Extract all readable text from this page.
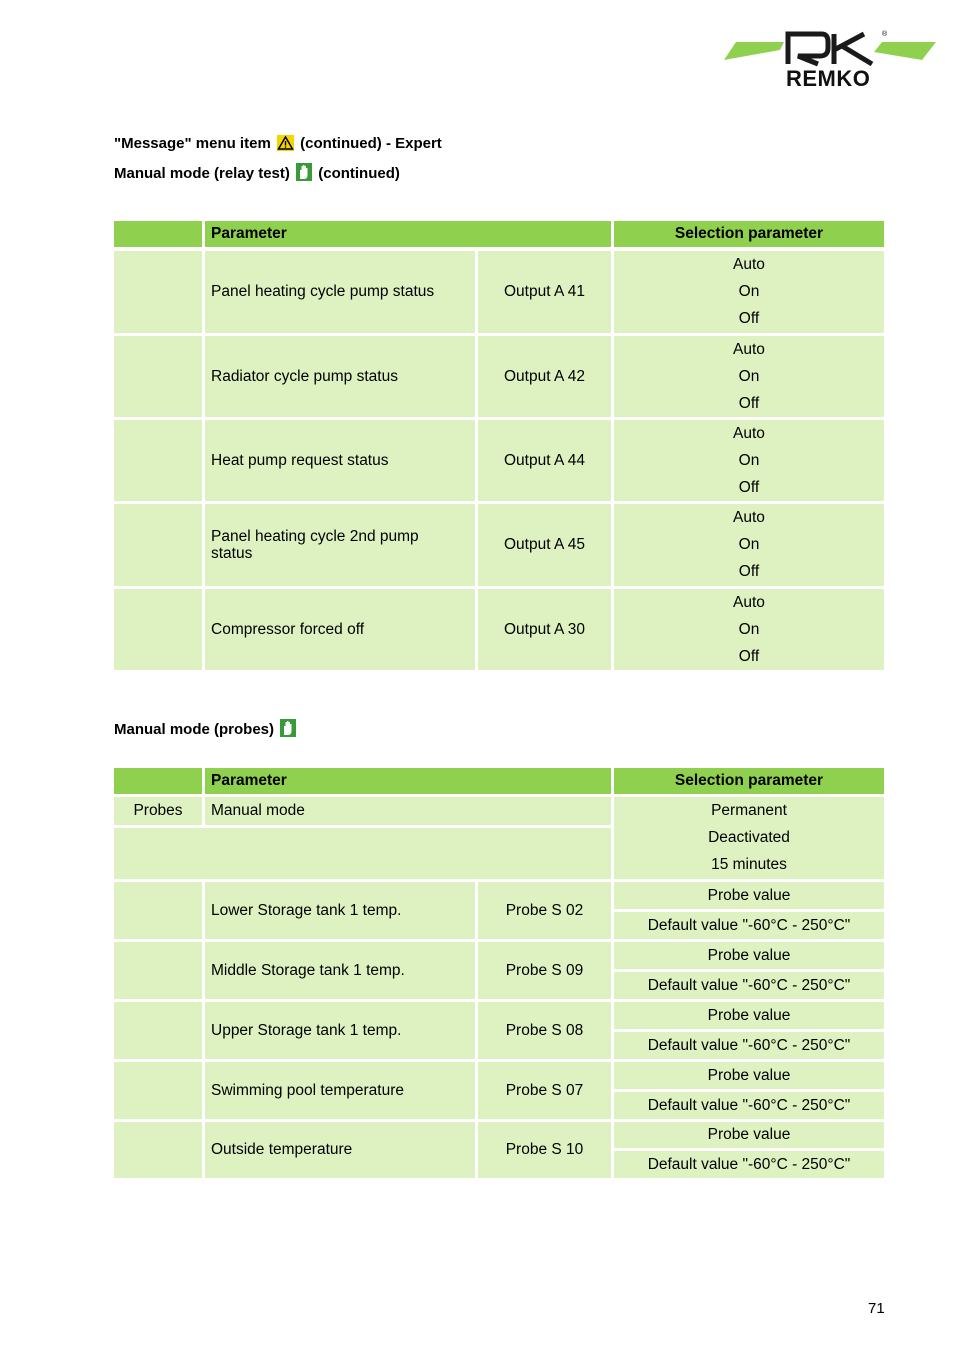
®
REMKO
"Message" menu item (continued) - Expert
Manual mode (relay test) (continued)
Parameter	Selection parameter
Panel heating cycle pump status	Output A 41
Auto
On
Off
Radiator cycle pump status	Output A 42
Auto
On
Off
Heat pump request status	Output A 44
Auto
On
Off
Panel heating cycle 2nd pump status
Output A 45
Auto
On
Off
Compressor forced off	Output A 30
Auto
On
Off
Manual mode (probes)
Parameter	Selection parameter
Probes	Manual mode	Permanent
Deactivated
15 minutes
Lower Storage tank 1 temp.	Probe S 02
Probe value
Default value "-60°C - 250°C"
Middle Storage tank 1 temp.	Probe S 09
Probe value
Default value "-60°C - 250°C"
Upper Storage tank 1 temp.	Probe S 08
Probe value
Default value "-60°C - 250°C"
Swimming pool temperature	Probe S 07
Probe value
Default value "-60°C - 250°C"
Outside temperature	Probe S 10
Probe value
Default value "-60°C - 250°C"
71
